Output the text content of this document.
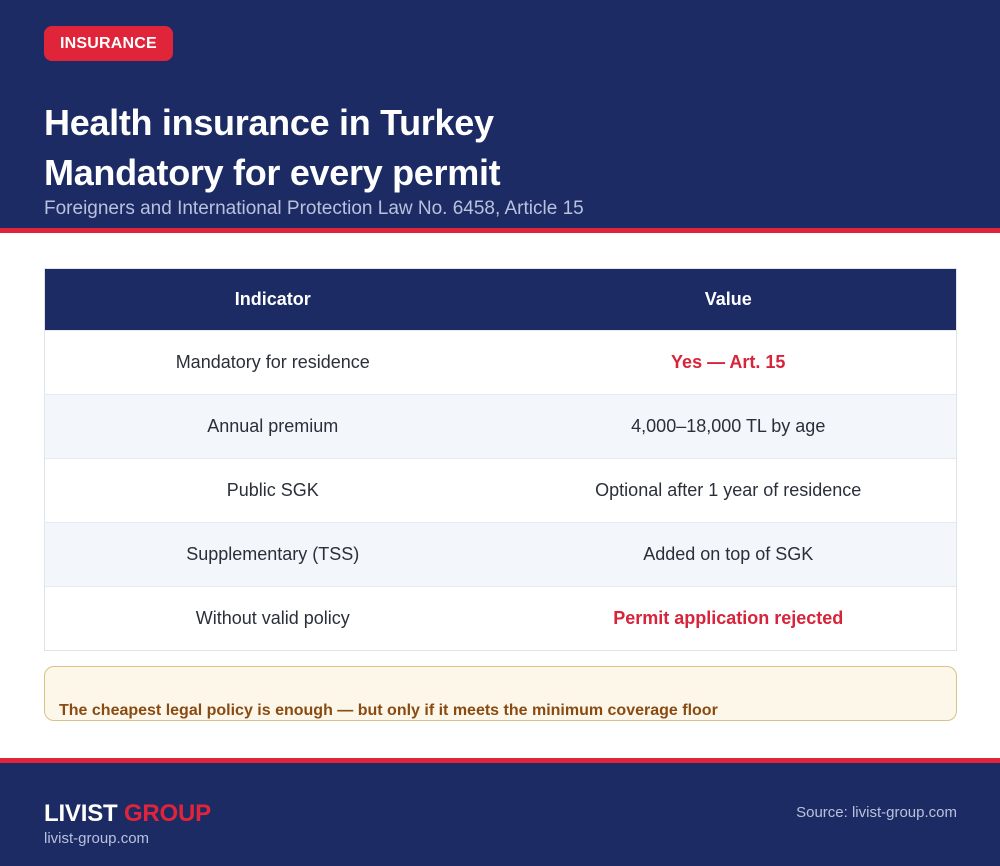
INSURANCE
Health insurance in Turkey
Mandatory for every permit
Foreigners and International Protection Law No. 6458, Article 15
Indicator	Value
Mandatory for residence	Yes — Art. 15
Annual premium	4,000–18,000 TL by age
Public SGK	Optional after 1 year of residence
Supplementary (TSS)	Added on top of SGK
Without valid policy	Permit application rejected
The cheapest legal policy is enough — but only if it meets the minimum coverage floor
LIVIST GROUP
livist-group.com
Source: livist-group.com
